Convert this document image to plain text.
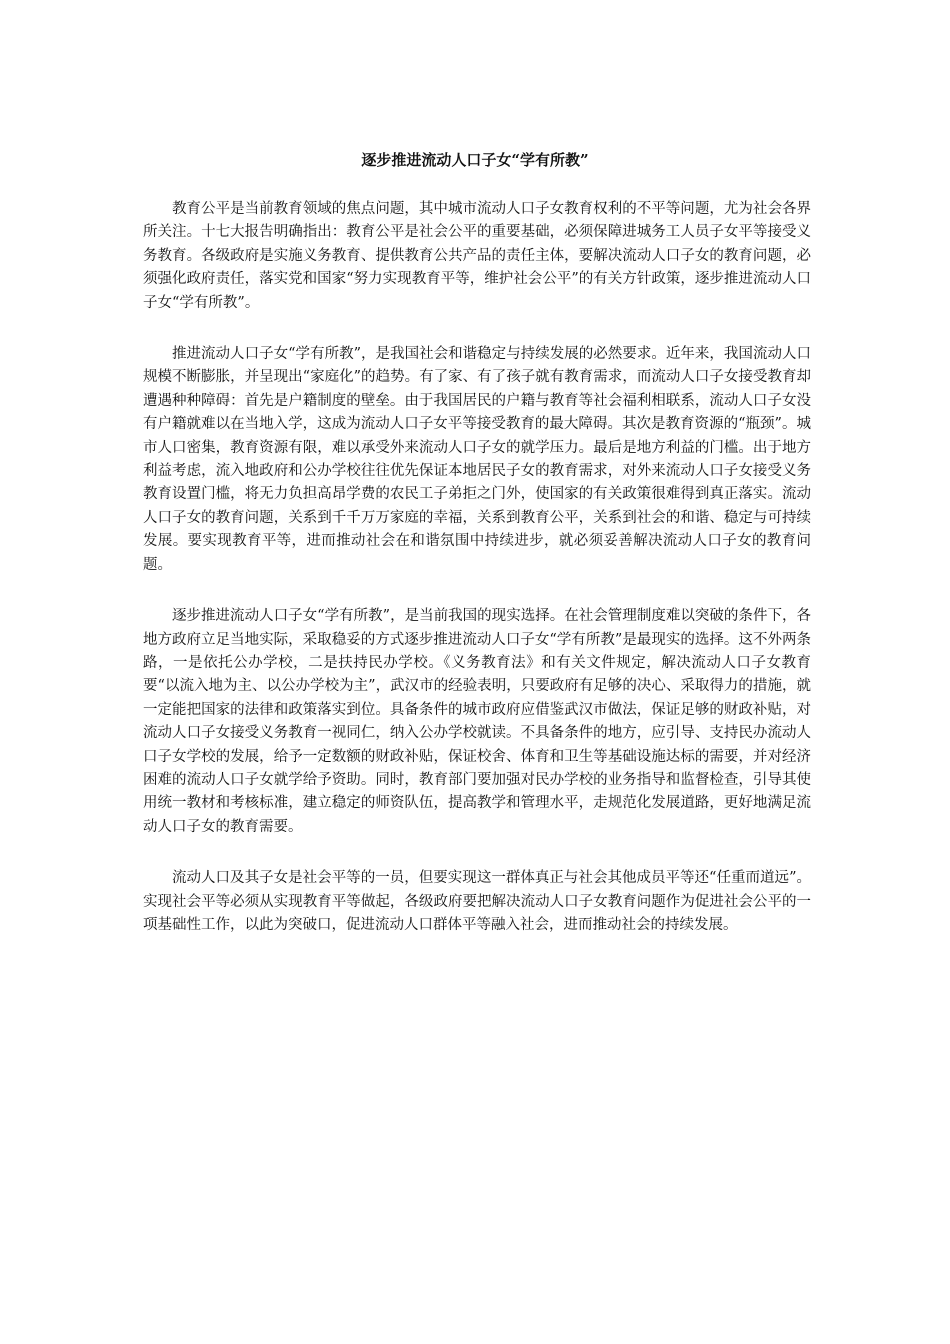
逐步推进流动人口子女“学有所教”

教育公平是当前教育领域的焦点问题，其中城市流动人口子女教育权利的不平等问题，尤为社会各界所关注。十七大报告明确指出：教育公平是社会公平的重要基础，必须保障进城务工人员子女平等接受义务教育。各级政府是实施义务教育、提供教育公共产品的责任主体，要解决流动人口子女的教育问题，必须强化政府责任，落实党和国家“努力实现教育平等，维护社会公平”的有关方针政策，逐步推进流动人口子女“学有所教”。

推进流动人口子女“学有所教”，是我国社会和谐稳定与持续发展的必然要求。近年来，我国流动人口规模不断膨胀，并呈现出“家庭化”的趋势。有了家、有了孩子就有教育需求，而流动人口子女接受教育却遭遇种种障碍：首先是户籍制度的壁垒。由于我国居民的户籍与教育等社会福利相联系，流动人口子女没有户籍就难以在当地入学，这成为流动人口子女平等接受教育的最大障碍。其次是教育资源的“瓶颈”。城市人口密集，教育资源有限，难以承受外来流动人口子女的就学压力。最后是地方利益的门槛。出于地方利益考虑，流入地政府和公办学校往往优先保证本地居民子女的教育需求，对外来流动人口子女接受义务教育设置门槛，将无力负担高昂学费的农民工子弟拒之门外，使国家的有关政策很难得到真正落实。流动人口子女的教育问题，关系到千千万万家庭的幸福，关系到教育公平，关系到社会的和谐、稳定与可持续发展。要实现教育平等，进而推动社会在和谐氛围中持续进步，就必须妥善解决流动人口子女的教育问题。

逐步推进流动人口子女“学有所教”，是当前我国的现实选择。在社会管理制度难以突破的条件下，各地方政府立足当地实际，采取稳妥的方式逐步推进流动人口子女“学有所教”是最现实的选择。这不外两条路，一是依托公办学校，二是扶持民办学校。《义务教育法》和有关文件规定，解决流动人口子女教育要“以流入地为主、以公办学校为主”，武汉市的经验表明，只要政府有足够的决心、采取得力的措施，就一定能把国家的法律和政策落实到位。具备条件的城市政府应借鉴武汉市做法，保证足够的财政补贴，对流动人口子女接受义务教育一视同仁，纳入公办学校就读。不具备条件的地方，应引导、支持民办流动人口子女学校的发展，给予一定数额的财政补贴，保证校舍、体育和卫生等基础设施达标的需要，并对经济困难的流动人口子女就学给予资助。同时，教育部门要加强对民办学校的业务指导和监督检查，引导其使用统一教材和考核标准，建立稳定的师资队伍，提高教学和管理水平，走规范化发展道路，更好地满足流动人口子女的教育需要。

流动人口及其子女是社会平等的一员，但要实现这一群体真正与社会其他成员平等还“任重而道远”。实现社会平等必须从实现教育平等做起，各级政府要把解决流动人口子女教育问题作为促进社会公平的一项基础性工作，以此为突破口，促进流动人口群体平等融入社会，进而推动社会的持续发展。
